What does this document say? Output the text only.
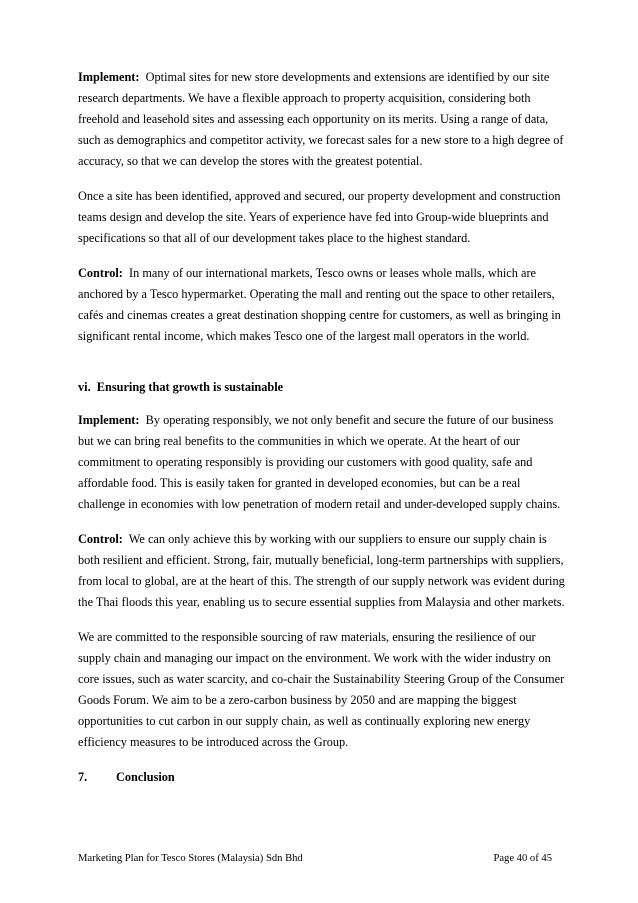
Implement: Optimal sites for new store developments and extensions are identified by our site research departments. We have a flexible approach to property acquisition, considering both freehold and leasehold sites and assessing each opportunity on its merits. Using a range of data, such as demographics and competitor activity, we forecast sales for a new store to a high degree of accuracy, so that we can develop the stores with the greatest potential.

Once a site has been identified, approved and secured, our property development and construction teams design and develop the site. Years of experience have fed into Group-wide blueprints and specifications so that all of our development takes place to the highest standard.

Control: In many of our international markets, Tesco owns or leases whole malls, which are anchored by a Tesco hypermarket. Operating the mall and renting out the space to other retailers, cafés and cinemas creates a great destination shopping centre for customers, as well as bringing in significant rental income, which makes Tesco one of the largest mall operators in the world.

vi.  Ensuring that growth is sustainable

Implement: By operating responsibly, we not only benefit and secure the future of our business but we can bring real benefits to the communities in which we operate. At the heart of our commitment to operating responsibly is providing our customers with good quality, safe and affordable food. This is easily taken for granted in developed economies, but can be a real challenge in economies with low penetration of modern retail and under-developed supply chains.

Control: We can only achieve this by working with our suppliers to ensure our supply chain is both resilient and efficient. Strong, fair, mutually beneficial, long-term partnerships with suppliers, from local to global, are at the heart of this. The strength of our supply network was evident during the Thai floods this year, enabling us to secure essential supplies from Malaysia and other markets.

We are committed to the responsible sourcing of raw materials, ensuring the resilience of our supply chain and managing our impact on the environment. We work with the wider industry on core issues, such as water scarcity, and co-chair the Sustainability Steering Group of the Consumer Goods Forum. We aim to be a zero-carbon business by 2050 and are mapping the biggest opportunities to cut carbon in our supply chain, as well as continually exploring new energy efficiency measures to be introduced across the Group.

7. Conclusion

Marketing Plan for Tesco Stores (Malaysia) Sdn Bhd	Page 40 of 45
